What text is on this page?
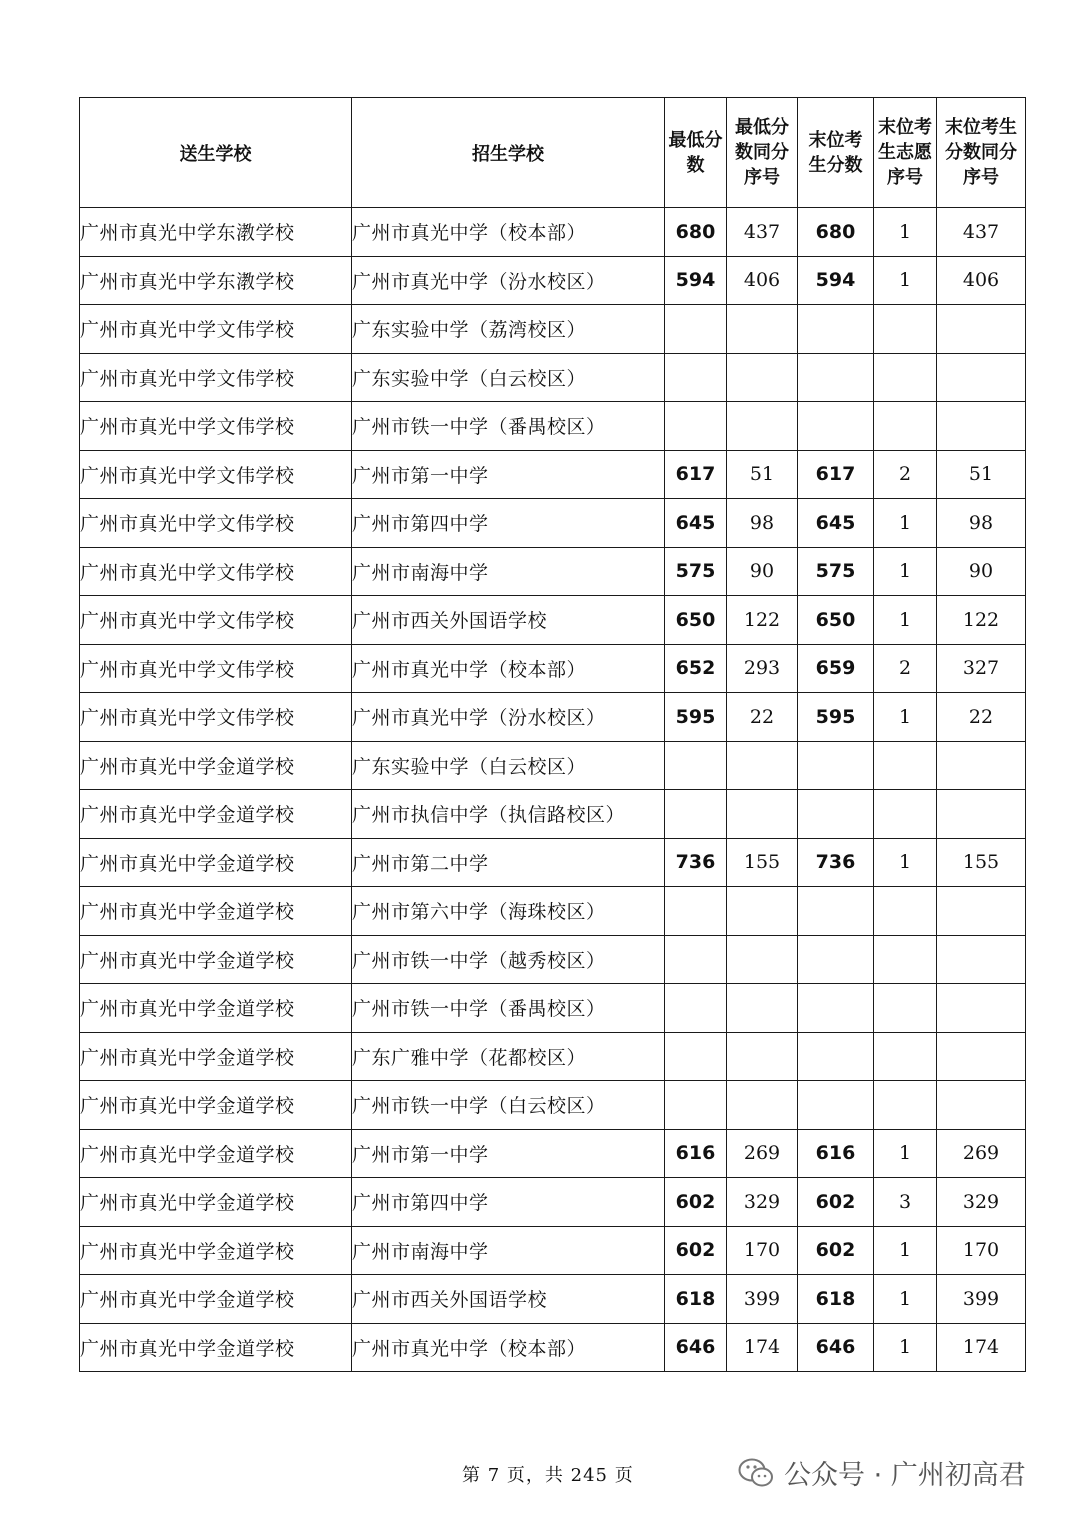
送生学校	招生学校	最低分数	最低分数同分序号	末位考生分数	末位考生志愿序号	末位考生分数同分序号
广州市真光中学东漖学校	广州市真光中学（校本部）	680	437	680	1	437
广州市真光中学东漖学校	广州市真光中学（汾水校区）	594	406	594	1	406
广州市真光中学文伟学校	广东实验中学（荔湾校区）					
广州市真光中学文伟学校	广东实验中学（白云校区）					
广州市真光中学文伟学校	广州市铁一中学（番禺校区）					
广州市真光中学文伟学校	广州市第一中学	617	51	617	2	51
广州市真光中学文伟学校	广州市第四中学	645	98	645	1	98
广州市真光中学文伟学校	广州市南海中学	575	90	575	1	90
广州市真光中学文伟学校	广州市西关外国语学校	650	122	650	1	122
广州市真光中学文伟学校	广州市真光中学（校本部）	652	293	659	2	327
广州市真光中学文伟学校	广州市真光中学（汾水校区）	595	22	595	1	22
广州市真光中学金道学校	广东实验中学（白云校区）					
广州市真光中学金道学校	广州市执信中学（执信路校区）					
广州市真光中学金道学校	广州市第二中学	736	155	736	1	155
广州市真光中学金道学校	广州市第六中学（海珠校区）					
广州市真光中学金道学校	广州市铁一中学（越秀校区）					
广州市真光中学金道学校	广州市铁一中学（番禺校区）					
广州市真光中学金道学校	广东广雅中学（花都校区）					
广州市真光中学金道学校	广州市铁一中学（白云校区）					
广州市真光中学金道学校	广州市第一中学	616	269	616	1	269
广州市真光中学金道学校	广州市第四中学	602	329	602	3	329
广州市真光中学金道学校	广州市南海中学	602	170	602	1	170
广州市真光中学金道学校	广州市西关外国语学校	618	399	618	1	399
广州市真光中学金道学校	广州市真光中学（校本部）	646	174	646	1	174
第 7 页，共 245 页	公众号 · 广州初高君
